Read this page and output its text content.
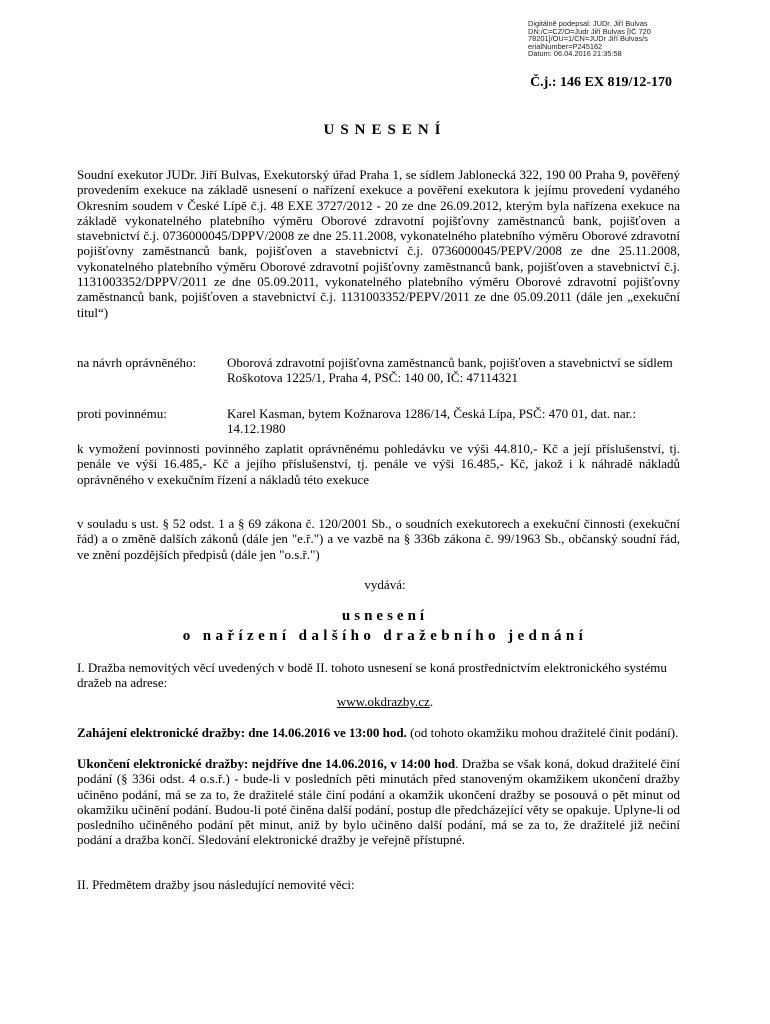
Digitálně podepsal: JUDr. Jiří Bulvas
DN:/C=CZ/O=Judr Jiří Bulvas [IČ 720
78201]/OU=1/CN=JUDr Jiří Bulvas/s
erialNumber=P245162
Datum: 06.04.2016 21:35:58
Č.j.: 146 EX 819/12-170
USNESENÍ
Soudní exekutor JUDr. Jiří Bulvas, Exekutorský úřad Praha 1, se sídlem Jablonecká 322, 190 00 Praha 9, pověřený provedením exekuce na základě usnesení o nařízení exekuce a pověření exekutora k jejímu provedení vydaného Okresním soudem v České Lípě č.j. 48 EXE 3727/2012 - 20 ze dne 26.09.2012, kterým byla nařízena exekuce na základě vykonatelného platebního výměru Oborové zdravotní pojišťovny zaměstnanců bank, pojišťoven a stavebnictví č.j. 0736000045/DPPV/2008 ze dne 25.11.2008, vykonatelného platebního výměru Oborové zdravotní pojišťovny zaměstnanců bank, pojišťoven a stavebnictví č.j. 0736000045/PEPV/2008 ze dne 25.11.2008, vykonatelného platebního výměru Oborové zdravotní pojišťovny zaměstnanců bank, pojišťoven a stavebnictví č.j. 1131003352/DPPV/2011 ze dne 05.09.2011, vykonatelného platebního výměru Oborové zdravotní pojišťovny zaměstnanců bank, pojišťoven a stavebnictví č.j. 1131003352/PEPV/2011 ze dne 05.09.2011 (dále jen „exekuční titul“)
na návrh oprávněného: Oborová zdravotní pojišťovna zaměstnanců bank, pojišťoven a stavebnictví se sídlem Roškotova 1225/1, Praha 4, PSČ: 140 00, IČ: 47114321
proti povinnému:	Karel Kasman, bytem Kožnarova 1286/14, Česká Lípa, PSČ: 470 01, dat. nar.: 14.12.1980
k vymožení povinnosti povinného zaplatit oprávněnému pohledávku ve výši 44.810,- Kč a její příslušenství, tj. penále ve výši 16.485,- Kč a jejího příslušenství, tj. penále ve výši 16.485,- Kč, jakož i k náhradě nákladů oprávněného v exekučním řízení a nákladů této exekuce
v souladu s ust. § 52 odst. 1 a § 69 zákona č. 120/2001 Sb., o soudních exekutorech a exekuční činnosti (exekuční řád) a o změně dalších zákonů (dále jen "e.ř.") a ve vazbě na § 336b zákona č. 99/1963 Sb., občanský soudní řád, ve znění pozdějších předpisů (dále jen "o.s.ř.")
vydává:
usnesení
o nařízení dalšího dražebního jednání
I. Dražba nemovitých věcí uvedených v bodě II. tohoto usnesení se koná prostřednictvím elektronického systému dražeb na adrese:
www.okdrazby.cz.
Zahájení elektronické dražby: dne 14.06.2016 ve 13:00 hod. (od tohoto okamžiku mohou dražitelé činit podání).
Ukončení elektronické dražby: nejdříve dne 14.06.2016, v 14:00 hod. Dražba se však koná, dokud dražitelé činí podání (§ 336i odst. 4 o.s.ř.) - bude-li v posledních pěti minutách před stanoveným okamžikem ukončení dražby učiněno podání, má se za to, že dražitelé stále činí podání a okamžik ukončení dražby se posouvá o pět minut od okamžiku učinění podání. Budou-li poté činěna další podání, postup dle předcházející věty se opakuje. Uplyne-li od posledního učiněného podání pět minut, aniž by bylo učiněno další podání, má se za to, že dražitelé již nečiní podání a dražba končí. Sledování elektronické dražby je veřejně přístupné.
II. Předmětem dražby jsou následující nemovité věci:
